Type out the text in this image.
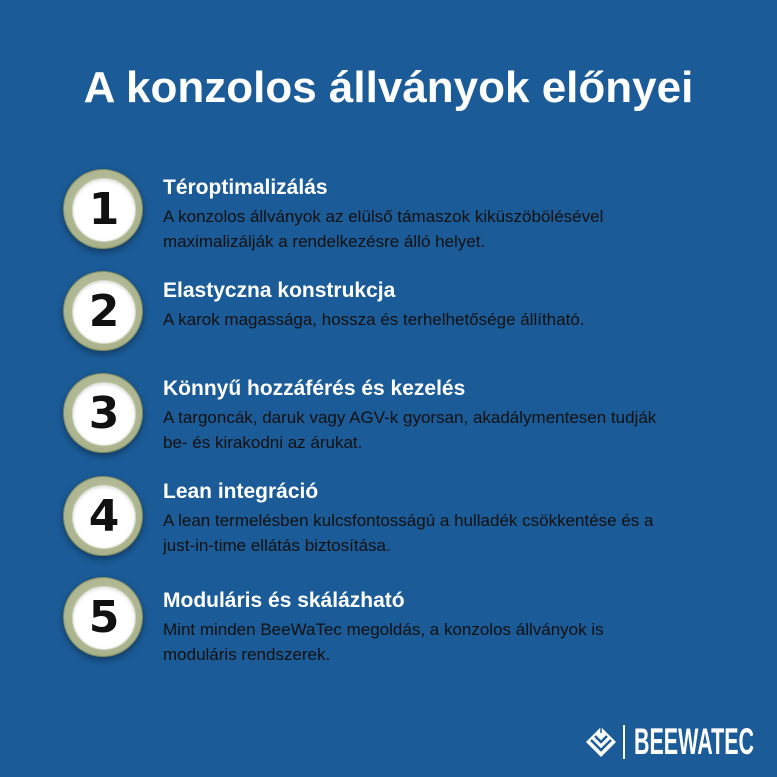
A konzolos állványok előnyei
1 Téroptimalizálás
A konzolos állványok az elülső támaszok kiküszöbölésével
maximalizálják a rendelkezésre álló helyet.
2 Elastyczna konstrukcja
A karok magassága, hossza és terhelhetősége állítható.
3 Könnyű hozzáférés és kezelés
A targoncák, daruk vagy AGV-k gyorsan, akadálymentesen tudják
be- és kirakodni az árukat.
4 Lean integráció
A lean termelésben kulcsfontosságú a hulladék csökkentése és a
just-in-time ellátás biztosítása.
5 Moduláris és skálázható
Mint minden BeeWaTec megoldás, a konzolos állványok is
moduláris rendszerek.
BEEWATEC
